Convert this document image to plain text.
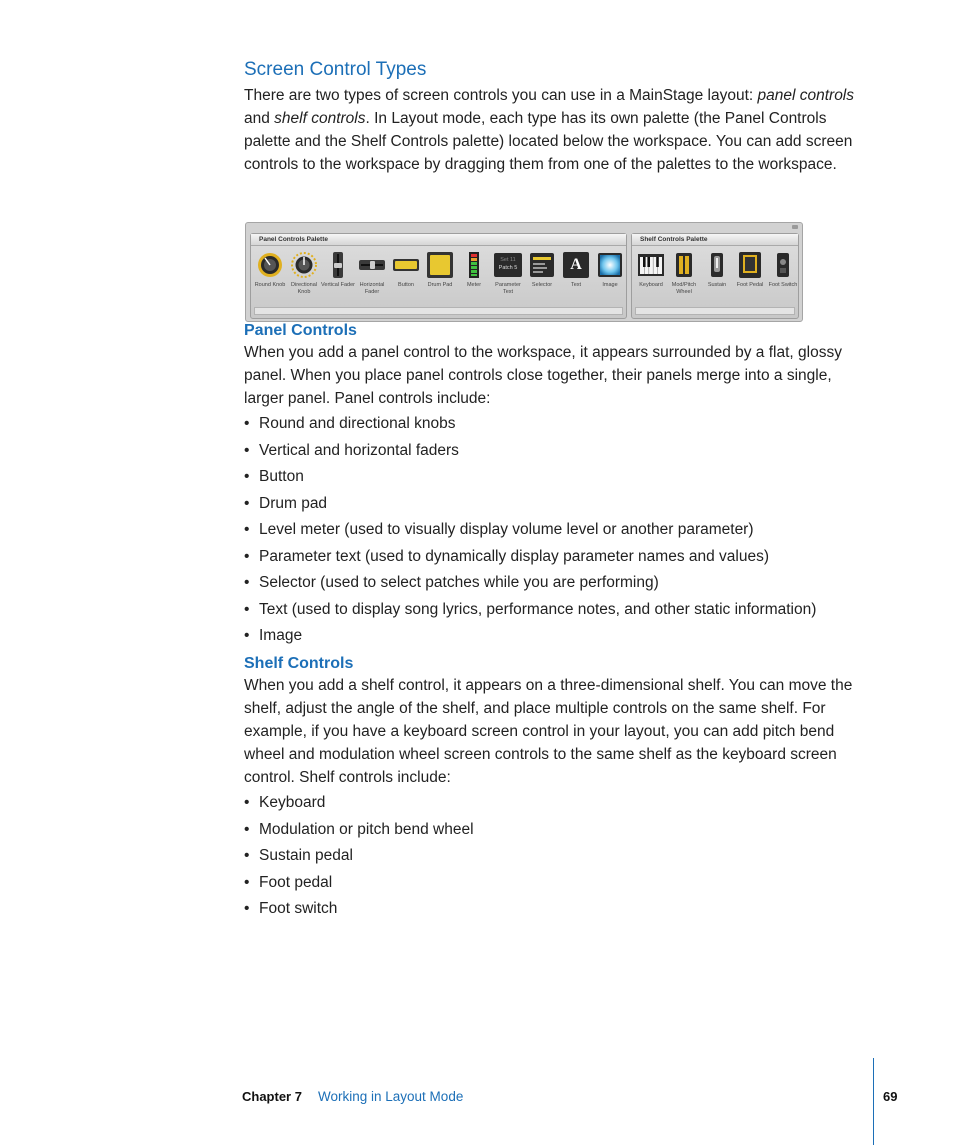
Screen Control Types

There are two types of screen controls you can use in a MainStage layout: panel controls and shelf controls. In Layout mode, each type has its own palette (the Panel Controls palette and the Shelf Controls palette) located below the workspace. You can add screen controls to the workspace by dragging them from one of the palettes to the workspace.

Panel Controls

When you add a panel control to the workspace, it appears surrounded by a flat, glossy panel. When you place panel controls close together, their panels merge into a single, larger panel. Panel controls include:

• Round and directional knobs
• Vertical and horizontal faders
• Button
• Drum pad
• Level meter (used to visually display volume level or another parameter)
• Parameter text (used to dynamically display parameter names and values)
• Selector (used to select patches while you are performing)
• Text (used to display song lyrics, performance notes, and other static information)
• Image
Shelf Controls

When you add a shelf control, it appears on a three-dimensional shelf. You can move the shelf, adjust the angle of the shelf, and place multiple controls on the same shelf. For example, if you have a keyboard screen control in your layout, you can add pitch bend wheel and modulation wheel screen controls to the same shelf as the keyboard screen control. Shelf controls include:

• Keyboard
• Modulation or pitch bend wheel
• Sustain pedal
• Foot pedal
• Foot switch
Panel Controls Palette
Round Knob	Directional Knob
Vertical Fader Horizontal Fader
Button	Drum Pad	Meter
Set 11
Patch 5
Parameter Text
Selector
A
Text	Image
Shelf Controls Palette
Keyboard	Mod/Pitch Wheel
Sustain	Foot Pedal Foot Switch
Chapter 7 Working in Layout Mode	69
